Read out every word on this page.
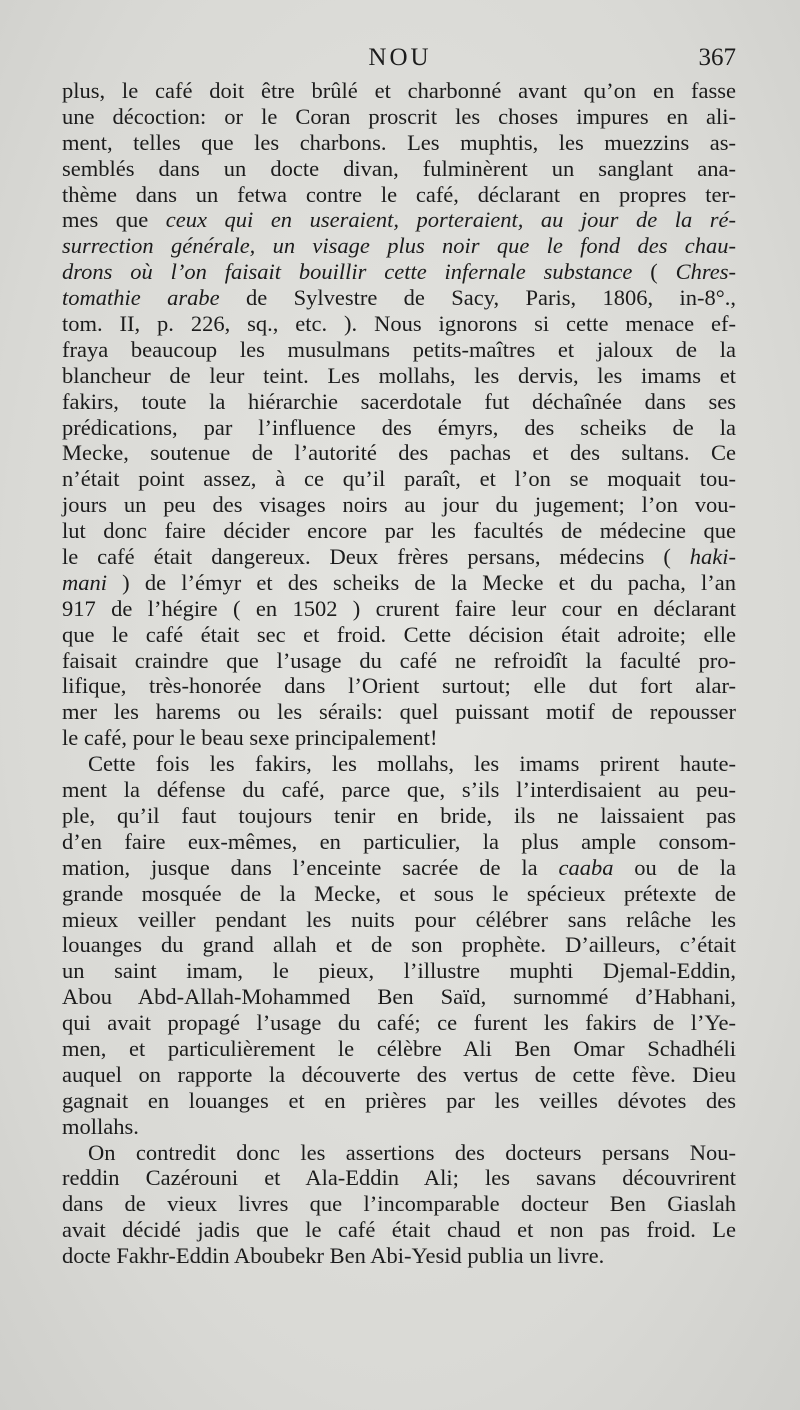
NOU	367
plus, le café doit être brûlé et charbonné avant qu’on en fasse
une décoction: or le Coran proscrit les choses impures en ali-
ment, telles que les charbons. Les muphtis, les muezzins as-
semblés dans un docte divan, fulminèrent un sanglant ana-
thème dans un fetwa contre le café, déclarant en propres ter-
mes que ceux qui en useraient, porteraient, au jour de la ré-
surrection générale, un visage plus noir que le fond des chau-
drons où l’on faisait bouillir cette infernale substance ( Chres-
tomathie arabe de Sylvestre de Sacy, Paris, 1806, in-8°.,
tom. II, p. 226, sq., etc. ). Nous ignorons si cette menace ef-
fraya beaucoup les musulmans petits-maîtres et jaloux de la
blancheur de leur teint. Les mollahs, les dervis, les imams et
fakirs, toute la hiérarchie sacerdotale fut déchaînée dans ses
prédications, par l’influence des émyrs, des scheiks de la
Mecke, soutenue de l’autorité des pachas et des sultans. Ce
n’était point assez, à ce qu’il paraît, et l’on se moquait tou-
jours un peu des visages noirs au jour du jugement; l’on vou-
lut donc faire décider encore par les facultés de médecine que
le café était dangereux. Deux frères persans, médecins ( haki-
mani ) de l’émyr et des scheiks de la Mecke et du pacha, l’an
917 de l’hégire ( en 1502 ) crurent faire leur cour en déclarant
que le café était sec et froid. Cette décision était adroite; elle
faisait craindre que l’usage du café ne refroidît la faculté pro-
lifique, très-honorée dans l’Orient surtout; elle dut fort alar-
mer les harems ou les sérails: quel puissant motif de repousser
le café, pour le beau sexe principalement!
Cette fois les fakirs, les mollahs, les imams prirent haute-
ment la défense du café, parce que, s’ils l’interdisaient au peu-
ple, qu’il faut toujours tenir en bride, ils ne laissaient pas
d’en faire eux-mêmes, en particulier, la plus ample consom-
mation, jusque dans l’enceinte sacrée de la caaba ou de la
grande mosquée de la Mecke, et sous le spécieux prétexte de
mieux veiller pendant les nuits pour célébrer sans relâche les
louanges du grand allah et de son prophète. D’ailleurs, c’était
un saint imam, le pieux, l’illustre muphti Djemal-Eddin,
Abou Abd-Allah-Mohammed Ben Saïd, surnommé d’Habhani,
qui avait propagé l’usage du café; ce furent les fakirs de l’Ye-
men, et particulièrement le célèbre Ali Ben Omar Schadhéli
auquel on rapporte la découverte des vertus de cette fève. Dieu
gagnait en louanges et en prières par les veilles dévotes des
mollahs.
On contredit donc les assertions des docteurs persans Nou-
reddin Cazérouni et Ala-Eddin Ali; les savans découvrirent
dans de vieux livres que l’incomparable docteur Ben Giaslah
avait décidé jadis que le café était chaud et non pas froid. Le
docte Fakhr-Eddin Aboubekr Ben Abi-Yesid publia un livre.
